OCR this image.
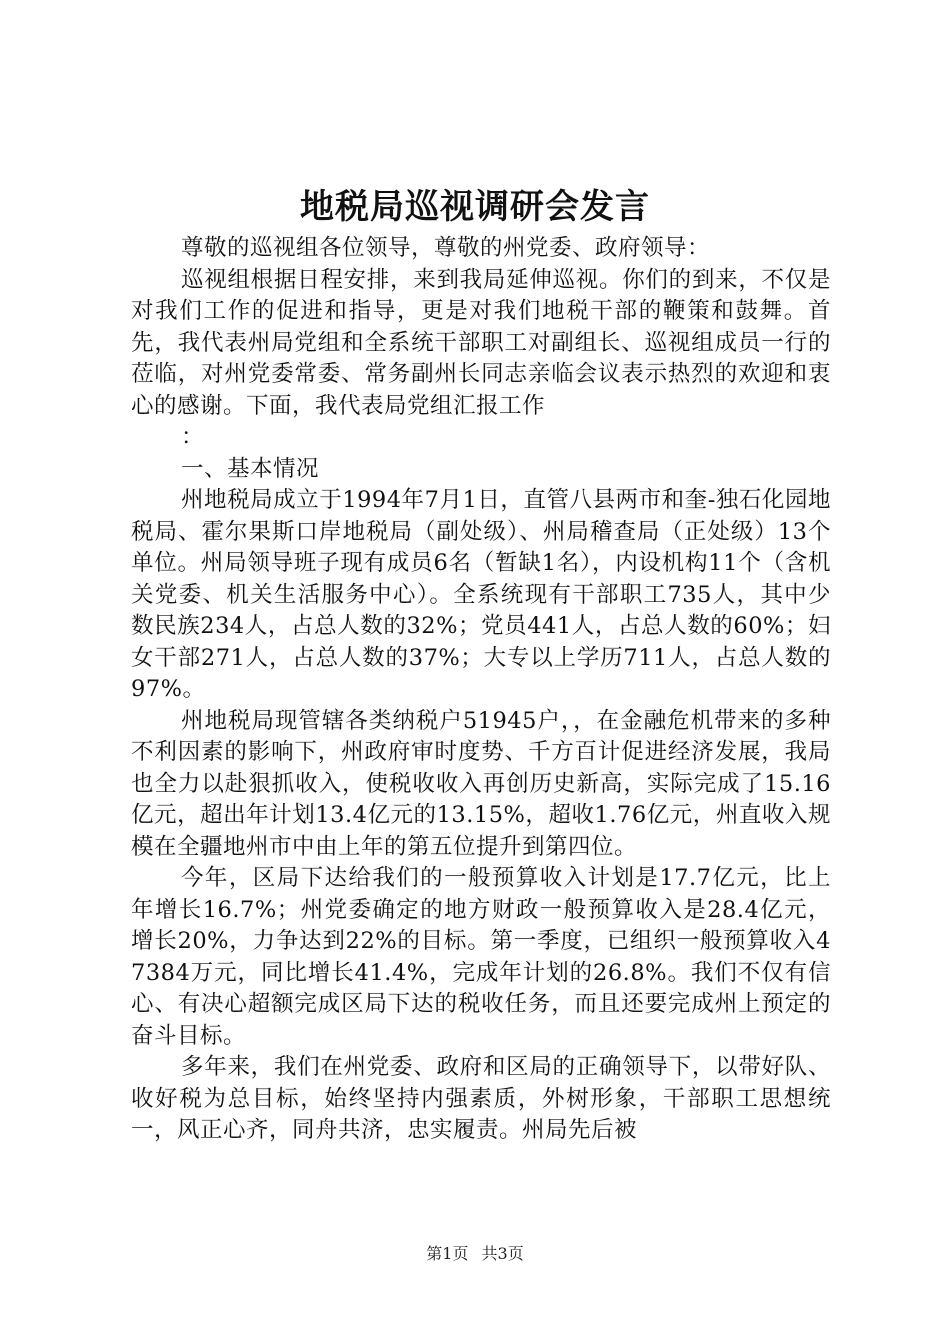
地税局巡视调研会发言

尊敬的巡视组各位领导，尊敬的州党委、政府领导：

巡视组根据日程安排，来到我局延伸巡视。你们的到来，不仅是对我们工作的促进和指导，更是对我们地税干部的鞭策和鼓舞。首先，我代表州局党组和全系统干部职工对副组长、巡视组成员一行的莅临，对州党委常委、常务副州长同志亲临会议表示热烈的欢迎和衷心的感谢。下面，我代表局党组汇报工作

：

一、基本情况

州地税局成立于1994年7月1日，直管八县两市和奎-独石化园地税局、霍尔果斯口岸地税局（副处级）、州局稽查局（正处级）13个单位。州局领导班子现有成员6名（暂缺1名），内设机构11个（含机关党委、机关生活服务中心）。全系统现有干部职工735人，其中少数民族234人，占总人数的32%；党员441人，占总人数的60%；妇女干部271人，占总人数的37%；大专以上学历711人，占总人数的97%。

州地税局现管辖各类纳税户51945户，，在金融危机带来的多种不利因素的影响下，州政府审时度势、千方百计促进经济发展，我局也全力以赴狠抓收入，使税收收入再创历史新高，实际完成了15.16亿元，超出年计划13.4亿元的13.15%，超收1.76亿元，州直收入规模在全疆地州市中由上年的第五位提升到第四位。

今年，区局下达给我们的一般预算收入计划是17.7亿元，比上年增长16.7%；州党委确定的地方财政一般预算收入是28.4亿元，增长20%，力争达到22%的目标。第一季度，已组织一般预算收入47384万元，同比增长41.4%，完成年计划的26.8%。我们不仅有信心、有决心超额完成区局下达的税收任务，而且还要完成州上预定的奋斗目标。

多年来，我们在州党委、政府和区局的正确领导下，以带好队、收好税为总目标，始终坚持内强素质，外树形象，干部职工思想统一，风正心齐，同舟共济，忠实履责。州局先后被

第1页 共3页
